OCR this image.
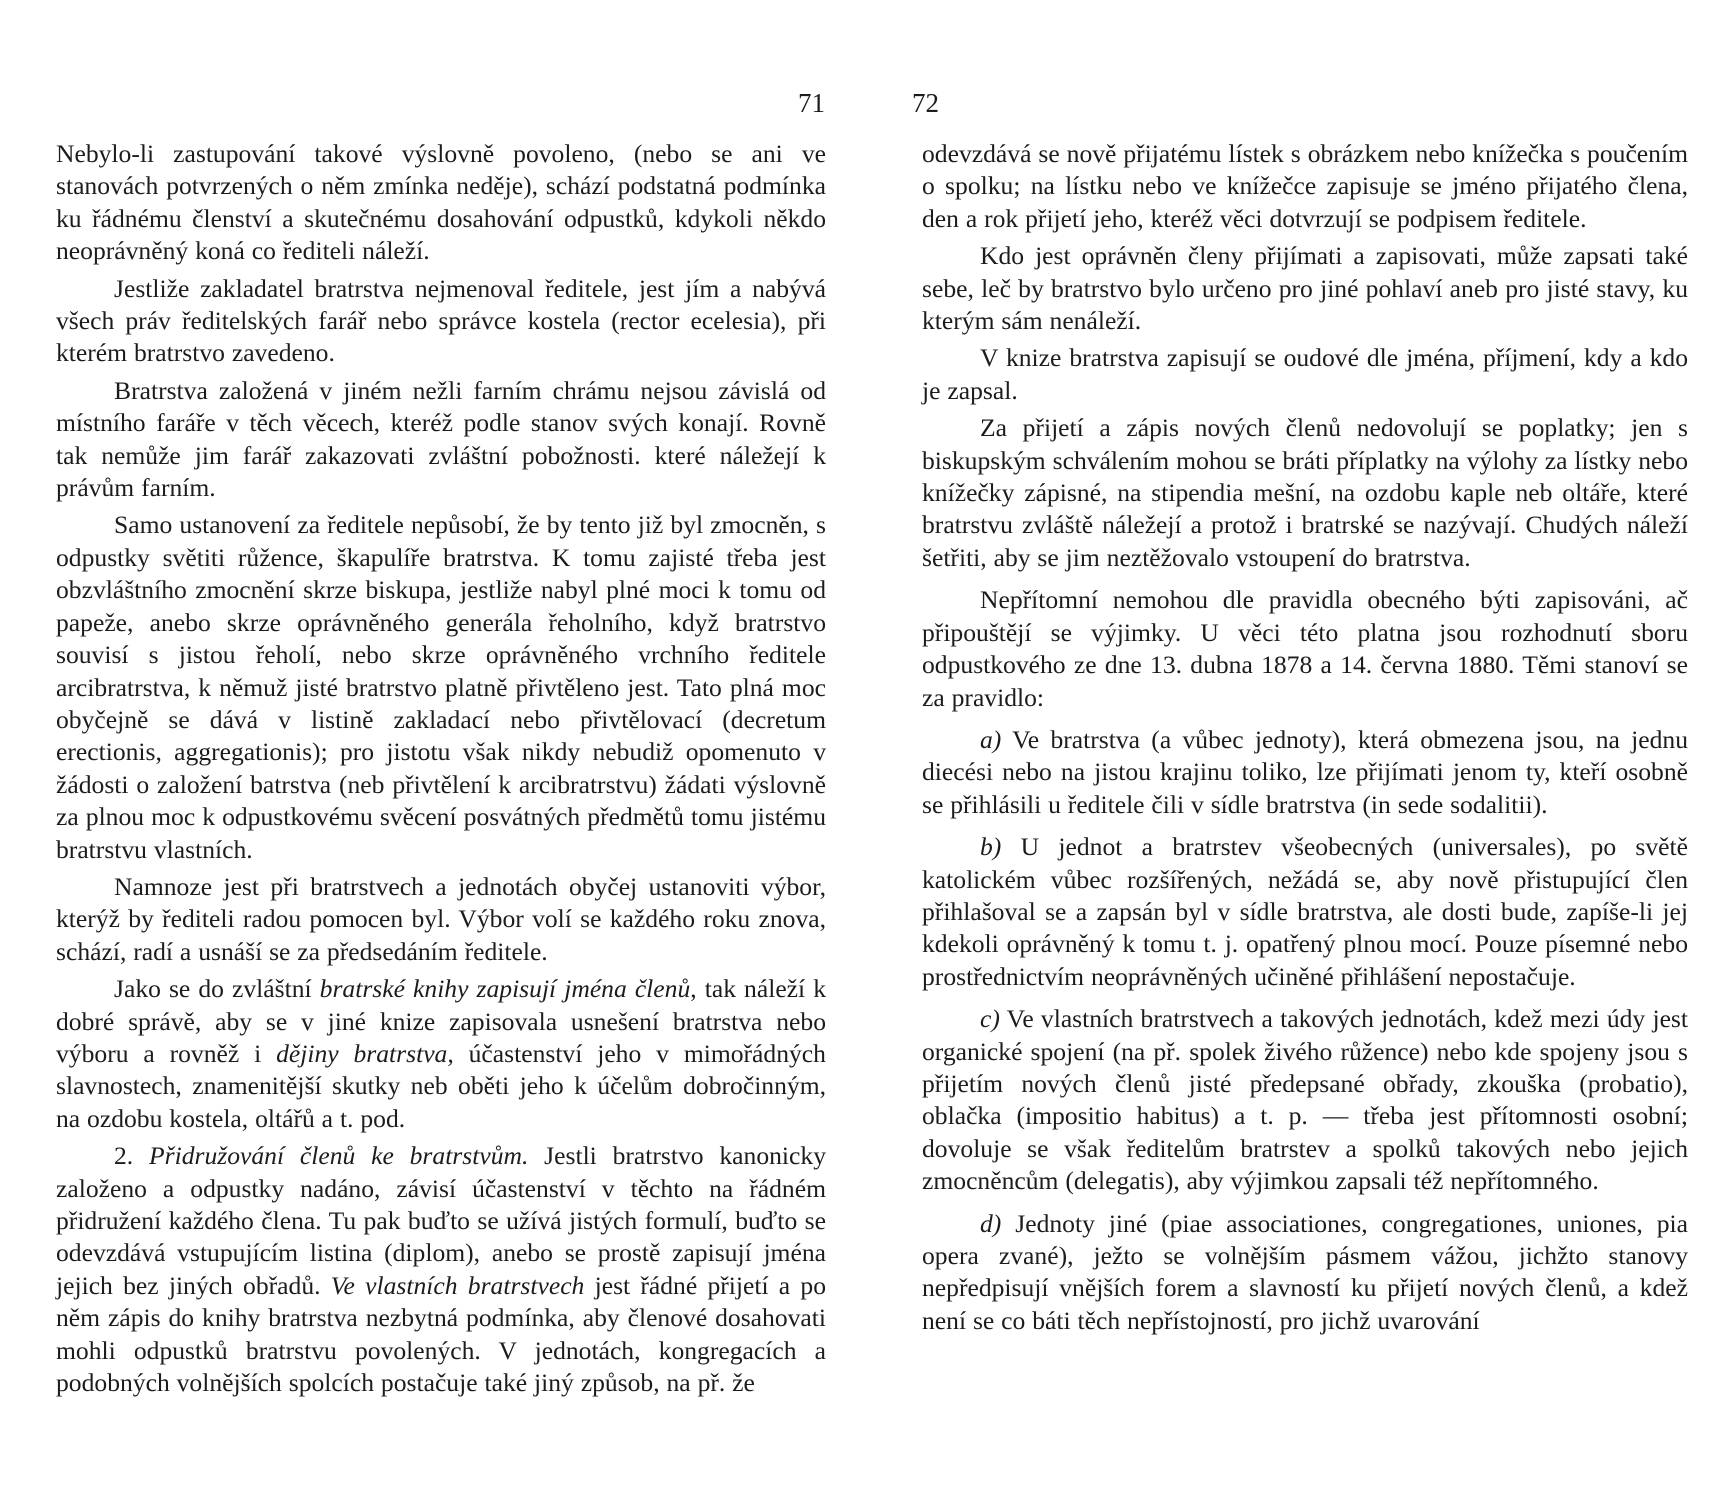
71

Nebylo-li zastupování takové výslovně povoleno, (nebo se ani ve stanovách potvrzených o něm zmínka neděje), schází podstatná podmínka ku řádnému členství a skutečnému dosahování odpustků, kdykoli někdo neoprávněný koná co řediteli náleží.

Jestliže zakladatel bratrstva nejmenoval ředitele, jest jím a nabývá všech práv ředitelských farář nebo správce kostela (rector ecelesia), při kterém bratrstvo zavedeno.

Bratrstva založená v jiném nežli farním chrámu nejsou závislá od místního faráře v těch věcech, kteréž podle stanov svých konají. Rovně tak nemůže jim farář zakazovati zvláštní pobožnosti. které náležejí k právům farním.

Samo ustanovení za ředitele nepůsobí, že by tento již byl zmocněn, s odpustky světiti růžence, škapulíře bratrstva. K tomu zajisté třeba jest obzvláštního zmocnění skrze biskupa, jestliže nabyl plné moci k tomu od papeže, anebo skrze oprávněného generála řeholního, když bratrstvo souvisí s jistou řeholí, nebo skrze oprávněného vrchního ředitele arcibratrstva, k němuž jisté bratrstvo platně přivtěleno jest. Tato plná moc obyčejně se dává v listině zakladací nebo přivtělovací (decretum erectionis, aggregationis); pro jistotu však nikdy nebudiž opomenuto v žádosti o založení batrstva (neb přivtělení k arcibratrstvu) žádati výslovně za plnou moc k odpustkovému svěcení posvátných předmětů tomu jistému bratrstvu vlastních.

Namnoze jest při bratrstvech a jednotách obyčej ustanoviti výbor, kterýž by řediteli radou pomocen byl. Výbor volí se každého roku znova, schází, radí a usnáší se za předsedáním ředitele.

Jako se do zvláštní bratrské knihy zapisují jména členů, tak náleží k dobré správě, aby se v jiné knize zapisovala usnešení bratrstva nebo výboru a rovněž i dějiny bratrstva, účastenství jeho v mimořádných slavnostech, znamenitější skutky neb oběti jeho k účelům dobročinným, na ozdobu kostela, oltářů a t. pod.

2. Přidružování členů ke bratrstvům. Jestli bratrstvo kanonicky založeno a odpustky nadáno, závisí účastenství v těchto na řádném přidružení každého člena. Tu pak buďto se užívá jistých formulí, buďto se odevzdává vstupujícím listina (diplom), anebo se prostě zapisují jména jejich bez jiných obřadů. Ve vlastních bratrstvech jest řádné přijetí a po něm zápis do knihy bratrstva nezbytná podmínka, aby členové dosahovati mohli odpustků bratrstvu povolených. V jednotách, kongregacích a podobných volnějších spolcích postačuje také jiný způsob, na př. že

72

odevzdává se nově přijatému lístek s obrázkem nebo knížečka s poučením o spolku; na lístku nebo ve knížečce zapisuje se jméno přijatého člena, den a rok přijetí jeho, kteréž věci dotvrzují se podpisem ředitele.

Kdo jest oprávněn členy přijímati a zapisovati, může zapsati také sebe, leč by bratrstvo bylo určeno pro jiné pohlaví aneb pro jisté stavy, ku kterým sám nenáleží.

V knize bratrstva zapisují se oudové dle jména, příjmení, kdy a kdo je zapsal.

Za přijetí a zápis nových členů nedovolují se poplatky; jen s biskupským schválením mohou se bráti příplatky na výlohy za lístky nebo knížečky zápisné, na stipendia mešní, na ozdobu kaple neb oltáře, které bratrstvu zvláště náležejí a protož i bratrské se nazývají. Chudých náleží šetřiti, aby se jim neztěžovalo vstoupení do bratrstva.

Nepřítomní nemohou dle pravidla obecného býti zapisováni, ač připouštějí se výjimky. U věci této platna jsou rozhodnutí sboru odpustkového ze dne 13. dubna 1878 a 14. června 1880. Těmi stanoví se za pravidlo:

a) Ve bratrstva (a vůbec jednoty), která obmezena jsou, na jednu diecési nebo na jistou krajinu toliko, lze přijímati jenom ty, kteří osobně se přihlásili u ředitele čili v sídle bratrstva (in sede sodalitii).

b) U jednot a bratrstev všeobecných (universales), po světě katolickém vůbec rozšířených, nežádá se, aby nově přistupující člen přihlašoval se a zapsán byl v sídle bratrstva, ale dosti bude, zapíše-li jej kdekoli oprávněný k tomu t. j. opatřený plnou mocí. Pouze písemné nebo prostřednictvím neoprávněných učiněné přihlášení nepostačuje.

c) Ve vlastních bratrstvech a takových jednotách, kdež mezi údy jest organické spojení (na př. spolek živého růžence) nebo kde spojeny jsou s přijetím nových členů jisté předepsané obřady, zkouška (probatio), oblačka (impositio habitus) a t. p. — třeba jest přítomnosti osobní; dovoluje se však ředitelům bratrstev a spolků takových nebo jejich zmocněncům (delegatis), aby výjimkou zapsali též nepřítomného.

d) Jednoty jiné (piae associationes, congregationes, uniones, pia opera zvané), ježto se volnějším pásmem vážou, jichžto stanovy nepředpisují vnějších forem a slavností ku přijetí nových členů, a kdež není se co báti těch nepřístojností, pro jichž uvarování
